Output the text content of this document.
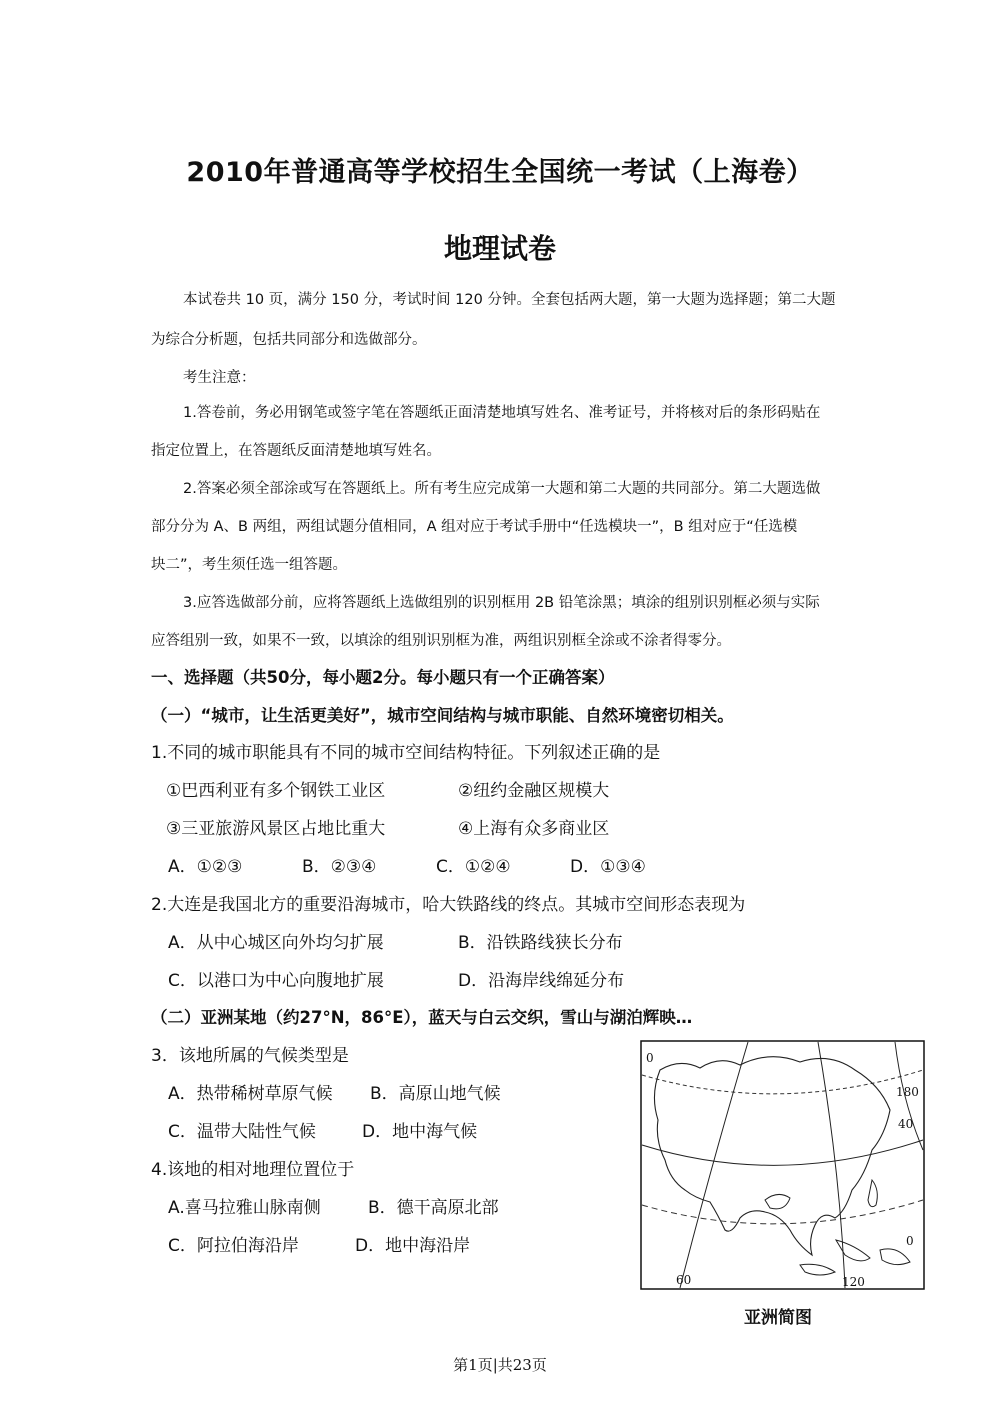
2010年普通高等学校招生全国统一考试（上海卷）
地理试卷
本试卷共 10 页，满分 150 分，考试时间 120 分钟。全套包括两大题，第一大题为选择题；第二大题
为综合分析题，包括共同部分和选做部分。
考生注意：
1.答卷前，务必用钢笔或签字笔在答题纸正面清楚地填写姓名、准考证号，并将核对后的条形码贴在
指定位置上，在答题纸反面清楚地填写姓名。
2.答案必须全部涂或写在答题纸上。所有考生应完成第一大题和第二大题的共同部分。第二大题选做
部分分为 A、B 两组，两组试题分值相同，A 组对应于考试手册中“任选模块一”，B 组对应于“任选模
块二”，考生须任选一组答题。
3.应答选做部分前，应将答题纸上选做组别的识别框用 2B 铅笔涂黑；填涂的组别识别框必须与实际
应答组别一致，如果不一致，以填涂的组别识别框为准，两组识别框全涂或不涂者得零分。
一、选择题（共50分，每小题2分。每小题只有一个正确答案）
（一）“城市，让生活更美好”，城市空间结构与城市职能、自然环境密切相关。
1.不同的城市职能具有不同的城市空间结构特征。下列叙述正确的是
①巴西利亚有多个钢铁工业区	②纽约金融区规模大
③三亚旅游风景区占地比重大	④上海有众多商业区
A．①②③	B．②③④	C．①②④	D．①③④
2.大连是我国北方的重要沿海城市，哈大铁路线的终点。其城市空间形态表现为
A．从中心城区向外均匀扩展	B．沿铁路线狭长分布
C．以港口为中心向腹地扩展	D．沿海岸线绵延分布
（二）亚洲某地（约27°N，86°E），蓝天与白云交织，雪山与湖泊辉映…
3．该地所属的气候类型是
A．热带稀树草原气候 B．高原山地气候
C．温带大陆性气候	D．地中海气候
4.该地的相对地理位置位于
A.喜马拉雅山脉南侧	B．德干高原北部
C．阿拉伯海沿岸	D．地中海沿岸
0
180
40
0
60	120
亚洲简图
第1页|共23页
